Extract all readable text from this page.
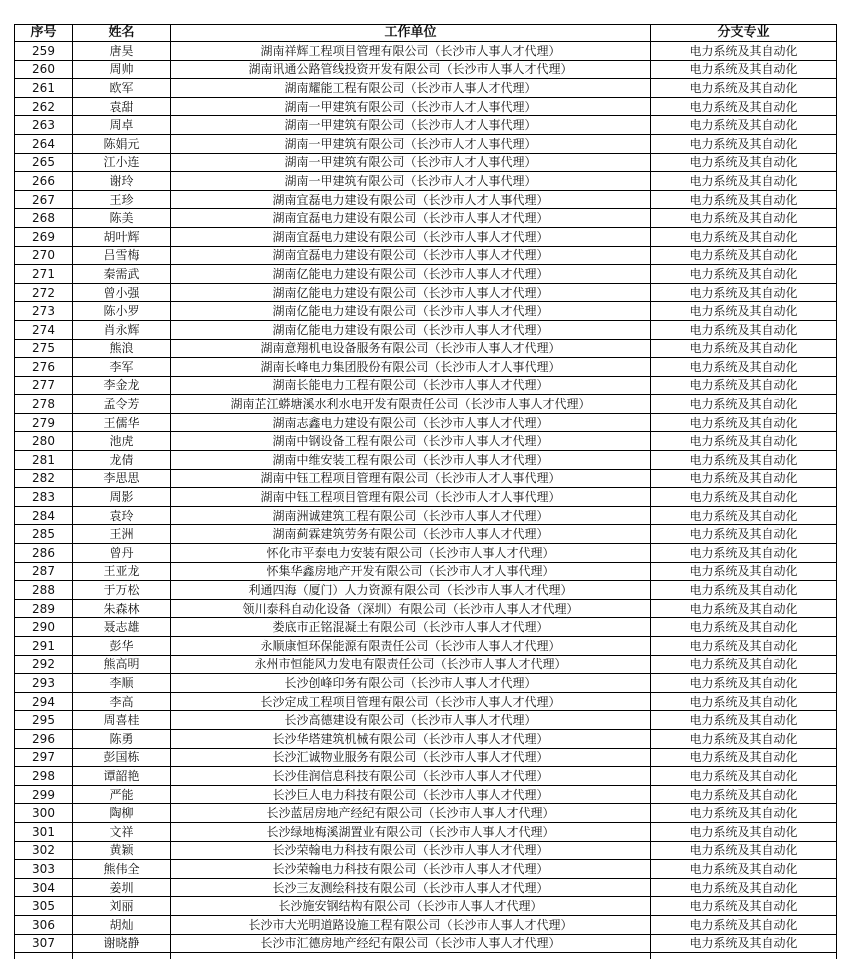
序号	姓名	工作单位	分支专业
259	唐昊	湖南祥辉工程项目管理有限公司（长沙市人事人才代理）	电力系统及其自动化
260	周帅	湖南讯通公路管线投资开发有限公司（长沙市人事人才代理）	电力系统及其自动化
261	欧军	湖南耀能工程有限公司（长沙市人事人才代理）	电力系统及其自动化
262	袁甜	湖南一甲建筑有限公司（长沙市人才人事代理）	电力系统及其自动化
263	周卓	湖南一甲建筑有限公司（长沙市人才人事代理）	电力系统及其自动化
264	陈娟元	湖南一甲建筑有限公司（长沙市人才人事代理）	电力系统及其自动化
265	江小连	湖南一甲建筑有限公司（长沙市人才人事代理）	电力系统及其自动化
266	谢玲	湖南一甲建筑有限公司（长沙市人才人事代理）	电力系统及其自动化
267	王珍	湖南宜磊电力建设有限公司（长沙市人才人事代理）	电力系统及其自动化
268	陈美	湖南宜磊电力建设有限公司（长沙市人事人才代理）	电力系统及其自动化
269	胡叶辉	湖南宜磊电力建设有限公司（长沙市人事人才代理）	电力系统及其自动化
270	吕雪梅	湖南宜磊电力建设有限公司（长沙市人事人才代理）	电力系统及其自动化
271	秦需武	湖南亿能电力建设有限公司（长沙市人事人才代理）	电力系统及其自动化
272	曾小强	湖南亿能电力建设有限公司（长沙市人事人才代理）	电力系统及其自动化
273	陈小罗	湖南亿能电力建设有限公司（长沙市人事人才代理）	电力系统及其自动化
274	肖永辉	湖南亿能电力建设有限公司（长沙市人事人才代理）	电力系统及其自动化
275	熊浪	湖南意翔机电设备服务有限公司（长沙市人事人才代理）	电力系统及其自动化
276	李军	湖南长峰电力集团股份有限公司（长沙市人才人事代理）	电力系统及其自动化
277	李金龙	湖南长能电力工程有限公司（长沙市人事人才代理）	电力系统及其自动化
278	孟令芳	湖南芷江蟒塘溪水利水电开发有限责任公司（长沙市人事人才代理）	电力系统及其自动化
279	王儒华	湖南志鑫电力建设有限公司（长沙市人事人才代理）	电力系统及其自动化
280	池虎	湖南中钢设备工程有限公司（长沙市人事人才代理）	电力系统及其自动化
281	龙倩	湖南中维安装工程有限公司（长沙市人事人才代理）	电力系统及其自动化
282	李思思	湖南中钰工程项目管理有限公司（长沙市人才人事代理）	电力系统及其自动化
283	周影	湖南中钰工程项目管理有限公司（长沙市人才人事代理）	电力系统及其自动化
284	袁玲	湖南洲诚建筑工程有限公司（长沙市人事人才代理）	电力系统及其自动化
285	王洲	湖南蓟霖建筑劳务有限公司（长沙市人事人才代理）	电力系统及其自动化
286	曾丹	怀化市平泰电力安装有限公司（长沙市人事人才代理）	电力系统及其自动化
287	王亚龙	怀集华鑫房地产开发有限公司（长沙市人才人事代理）	电力系统及其自动化
288	于万松	利通四海（厦门）人力资源有限公司（长沙市人事人才代理）	电力系统及其自动化
289	朱森林	领川泰科自动化设备（深圳）有限公司（长沙市人事人才代理）	电力系统及其自动化
290	聂志雄	娄底市正铭混凝土有限公司（长沙市人事人才代理）	电力系统及其自动化
291	彭华	永顺康恒环保能源有限责任公司（长沙市人事人才代理）	电力系统及其自动化
292	熊高明	永州市恒能风力发电有限责任公司（长沙市人事人才代理）	电力系统及其自动化
293	李顺	长沙创峰印务有限公司（长沙市人事人才代理）	电力系统及其自动化
294	李高	长沙定成工程项目管理有限公司（长沙市人事人才代理）	电力系统及其自动化
295	周喜桂	长沙高德建设有限公司（长沙市人事人才代理）	电力系统及其自动化
296	陈勇	长沙华塔建筑机械有限公司（长沙市人事人才代理）	电力系统及其自动化
297	彭国栋	长沙汇诚物业服务有限公司（长沙市人事人才代理）	电力系统及其自动化
298	谭韶艳	长沙佳润信息科技有限公司（长沙市人事人才代理）	电力系统及其自动化
299	严能	长沙巨人电力科技有限公司（长沙市人事人才代理）	电力系统及其自动化
300	陶柳	长沙蓝居房地产经纪有限公司（长沙市人事人才代理）	电力系统及其自动化
301	文祥	长沙绿地梅溪湖置业有限公司（长沙市人事人才代理）	电力系统及其自动化
302	黄颖	长沙荣翰电力科技有限公司（长沙市人事人才代理）	电力系统及其自动化
303	熊伟全	长沙荣翰电力科技有限公司（长沙市人事人才代理）	电力系统及其自动化
304	姜圳	长沙三友测绘科技有限公司（长沙市人事人才代理）	电力系统及其自动化
305	刘丽	长沙施安钢结构有限公司（长沙市人事人才代理）	电力系统及其自动化
306	胡灿	长沙市大光明道路设施工程有限公司（长沙市人事人才代理）	电力系统及其自动化
307	谢晓静	长沙市汇德房地产经纪有限公司（长沙市人事人才代理）	电力系统及其自动化
